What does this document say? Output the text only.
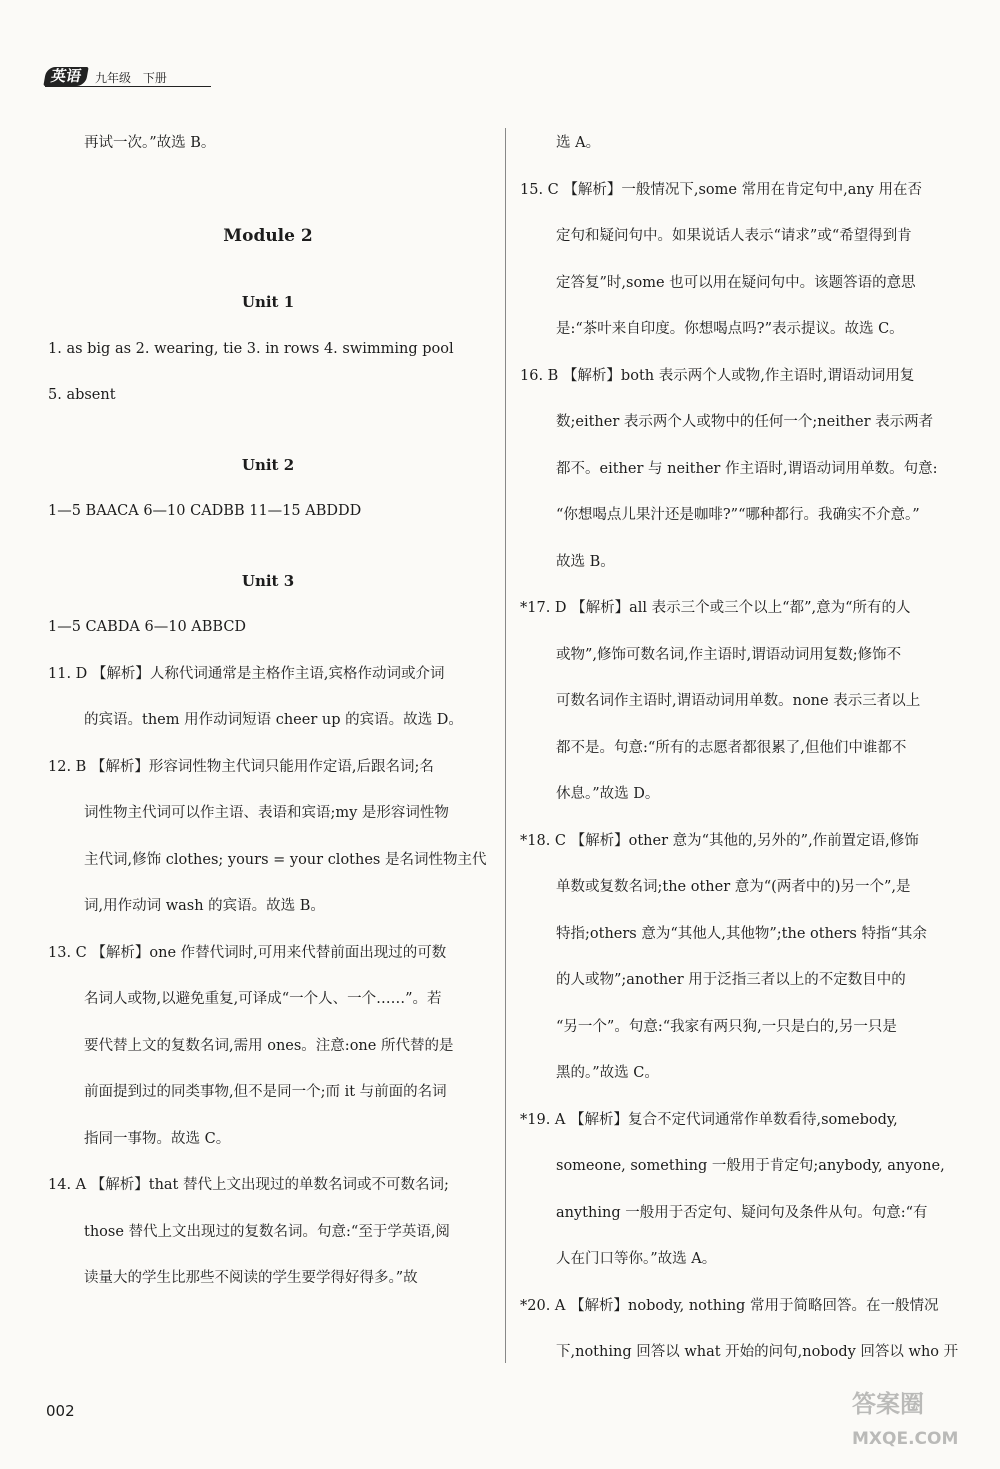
英语	九年级 下册

再试一次。”故选 B。

Module 2

Unit 1

1. as big as 2. wearing, tie 3. in rows 4. swimming pool

5. absent

Unit 2

1—5 BAACA 6—10 CADBB 11—15 ABDDD

Unit 3

1—5 CABDA 6—10 ABBCD

11. D 【解析】人称代词通常是主格作主语,宾格作动词或介词

的宾语。them 用作动词短语 cheer up 的宾语。故选 D。

12. B 【解析】形容词性物主代词只能用作定语,后跟名词;名

词性物主代词可以作主语、表语和宾语;my 是形容词性物

主代词,修饰 clothes; yours = your clothes 是名词性物主代

词,用作动词 wash 的宾语。故选 B。

13. C 【解析】one 作替代词时,可用来代替前面出现过的可数

名词人或物,以避免重复,可译成“一个人、一个……”。若

要代替上文的复数名词,需用 ones。注意:one 所代替的是

前面提到过的同类事物,但不是同一个;而 it 与前面的名词

指同一事物。故选 C。

14. A 【解析】that 替代上文出现过的单数名词或不可数名词;

those 替代上文出现过的复数名词。句意:“至于学英语,阅

读量大的学生比那些不阅读的学生要学得好得多。”故

选 A。

15. C 【解析】一般情况下,some 常用在肯定句中,any 用在否

定句和疑问句中。如果说话人表示“请求”或“希望得到肯

定答复”时,some 也可以用在疑问句中。该题答语的意思

是:“茶叶来自印度。你想喝点吗?”表示提议。故选 C。

16. B 【解析】both 表示两个人或物,作主语时,谓语动词用复

数;either 表示两个人或物中的任何一个;neither 表示两者

都不。either 与 neither 作主语时,谓语动词用单数。句意:

“你想喝点儿果汁还是咖啡?”“哪种都行。我确实不介意。”

故选 B。

*17. D 【解析】all 表示三个或三个以上“都”,意为“所有的人

或物”,修饰可数名词,作主语时,谓语动词用复数;修饰不

可数名词作主语时,谓语动词用单数。none 表示三者以上

都不是。句意:“所有的志愿者都很累了,但他们中谁都不

休息。”故选 D。

*18. C 【解析】other 意为“其他的,另外的”,作前置定语,修饰

单数或复数名词;the other 意为“(两者中的)另一个”,是

特指;others 意为“其他人,其他物”;the others 特指“其余

的人或物”;another 用于泛指三者以上的不定数目中的

“另一个”。句意:“我家有两只狗,一只是白的,另一只是

黑的。”故选 C。

*19. A 【解析】复合不定代词通常作单数看待,somebody,

someone, something 一般用于肯定句;anybody, anyone,

anything 一般用于否定句、疑问句及条件从句。句意:“有

人在门口等你。”故选 A。

*20. A 【解析】nobody, nothing 常用于简略回答。在一般情况

下,nothing 回答以 what 开始的问句,nobody 回答以 who 开

002	答案圈
MXQE.COM
